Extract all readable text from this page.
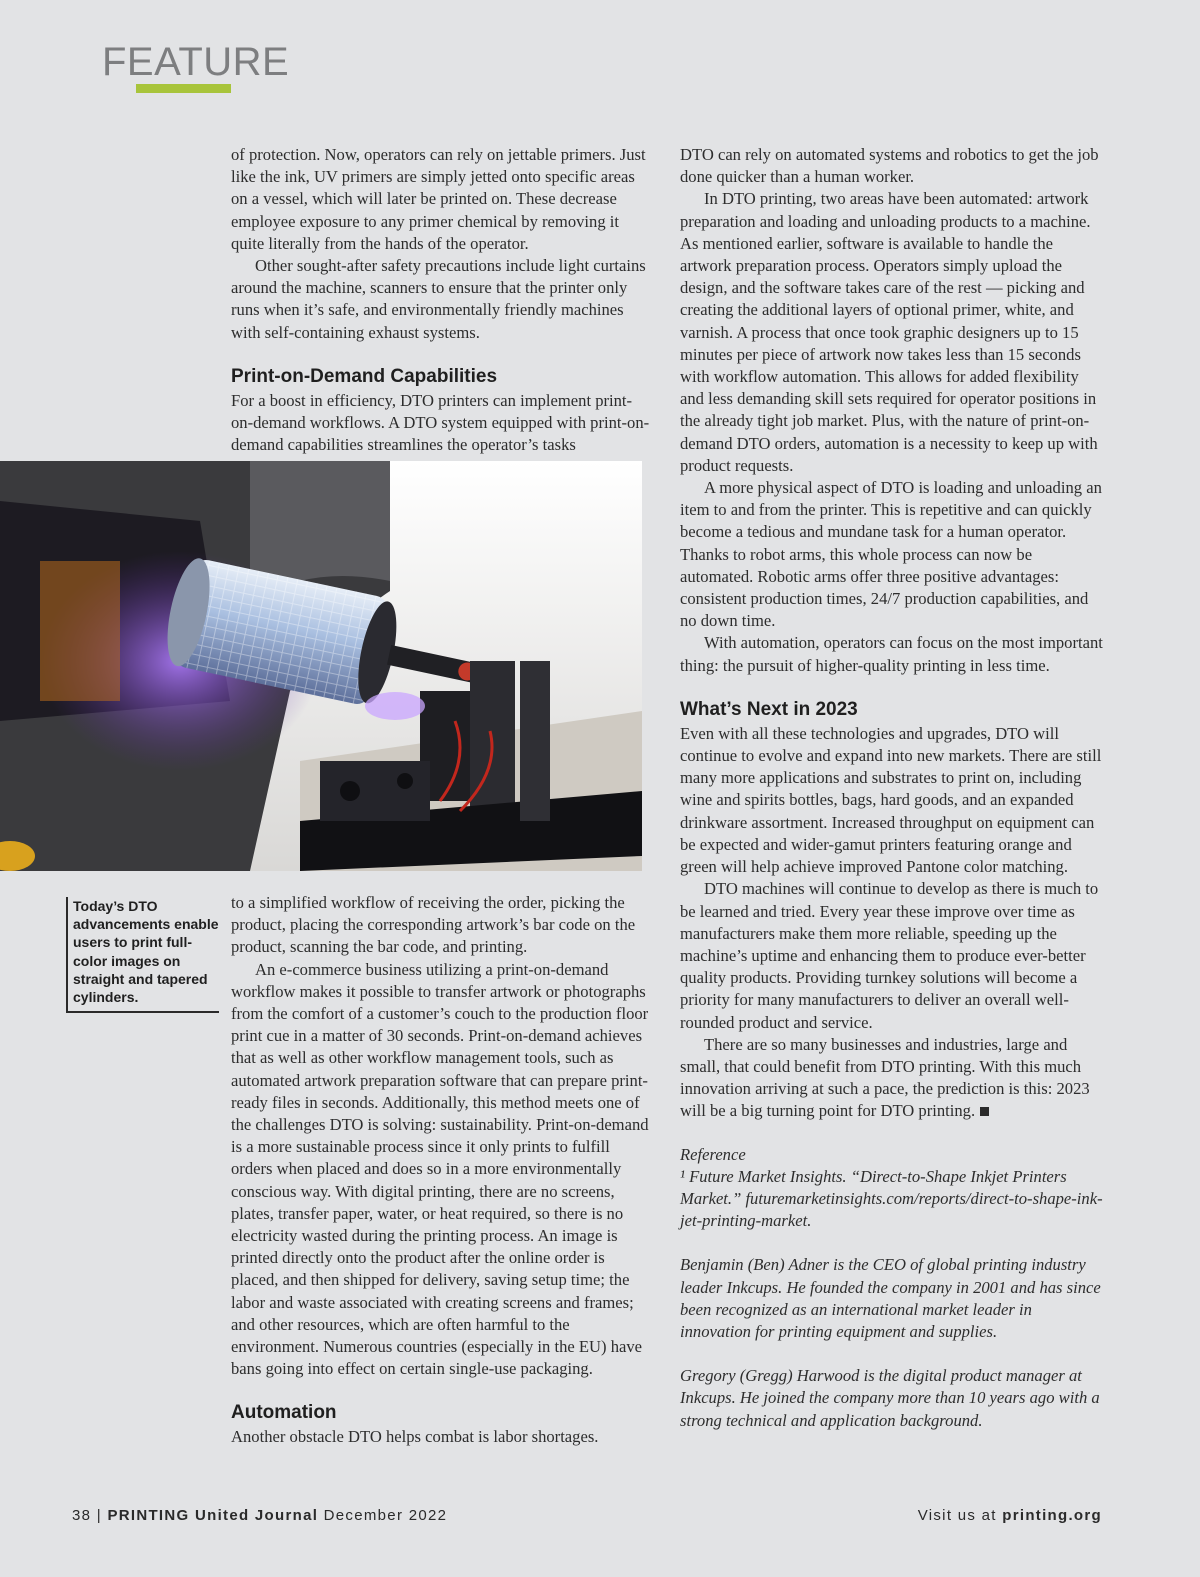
FEATURE

of protection. Now, operators can rely on jettable primers. Just like the ink, UV primers are simply jetted onto specific areas on a vessel, which will later be printed on. These decrease employee exposure to any primer chemical by removing it quite literally from the hands of the operator.

Other sought-after safety precautions include light curtains around the machine, scanners to ensure that the printer only runs when it’s safe, and environmentally friendly machines with self-containing exhaust systems.

Print-on-Demand Capabilities

For a boost in efficiency, DTO printers can implement print-on-demand workflows. A DTO system equipped with print-on-demand capabilities streamlines the operator’s tasks

Today’s DTO advancements enable users to print full-color images on straight and tapered cylinders.

to a simplified workflow of receiving the order, picking the product, placing the corresponding artwork’s bar code on the product, scanning the bar code, and printing.

An e-commerce business utilizing a print-on-demand workflow makes it possible to transfer artwork or photographs from the comfort of a customer’s couch to the production floor print cue in a matter of 30 seconds. Print-on-demand achieves that as well as other workflow management tools, such as automated artwork preparation software that can prepare print-ready files in seconds. Additionally, this method meets one of the challenges DTO is solving: sustainability. Print-on-demand is a more sustainable process since it only prints to fulfill orders when placed and does so in a more environmentally conscious way. With digital printing, there are no screens, plates, transfer paper, water, or heat required, so there is no electricity wasted during the printing process. An image is printed directly onto the product after the online order is placed, and then shipped for delivery, saving setup time; the labor and waste associated with creating screens and frames; and other resources, which are often harmful to the environment. Numerous countries (especially in the EU) have bans going into effect on certain single-use packaging.

Automation

Another obstacle DTO helps combat is labor shortages.

DTO can rely on automated systems and robotics to get the job done quicker than a human worker.

In DTO printing, two areas have been automated: artwork preparation and loading and unloading products to a machine. As mentioned earlier, software is available to handle the artwork preparation process. Operators simply upload the design, and the software takes care of the rest — picking and creating the additional layers of optional primer, white, and varnish. A process that once took graphic designers up to 15 minutes per piece of artwork now takes less than 15 seconds with workflow automation. This allows for added flexibility and less demanding skill sets required for operator positions in the already tight job market. Plus, with the nature of print-on-demand DTO orders, automation is a necessity to keep up with product requests.

A more physical aspect of DTO is loading and unloading an item to and from the printer. This is repetitive and can quickly become a tedious and mundane task for a human operator. Thanks to robot arms, this whole process can now be automated. Robotic arms offer three positive advantages: consistent production times, 24/7 production capabilities, and no down time.

With automation, operators can focus on the most important thing: the pursuit of higher-quality printing in less time.

What’s Next in 2023

Even with all these technologies and upgrades, DTO will continue to evolve and expand into new markets. There are still many more applications and substrates to print on, including wine and spirits bottles, bags, hard goods, and an expanded drinkware assortment. Increased throughput on equipment can be expected and wider-gamut printers featuring orange and green will help achieve improved Pantone color matching.

DTO machines will continue to develop as there is much to be learned and tried. Every year these improve over time as manufacturers make them more reliable, speeding up the machine’s uptime and enhancing them to produce ever-better quality products. Providing turnkey solutions will become a priority for many manufacturers to deliver an overall well-rounded product and service.

There are so many businesses and industries, large and small, that could benefit from DTO printing. With this much innovation arriving at such a pace, the prediction is this: 2023 will be a big turning point for DTO printing.

Reference

¹ Future Market Insights. “Direct-to-Shape Inkjet Printers Market.” futuremarketinsights.com/reports/direct-to-shape-ink-jet-printing-market.

Benjamin (Ben) Adner is the CEO of global printing industry leader Inkcups. He founded the company in 2001 and has since been recognized as an international market leader in innovation for printing equipment and supplies.

Gregory (Gregg) Harwood is the digital product manager at Inkcups. He joined the company more than 10 years ago with a strong technical and application background.

38 | PRINTING United Journal December 2022	Visit us at printing.org
